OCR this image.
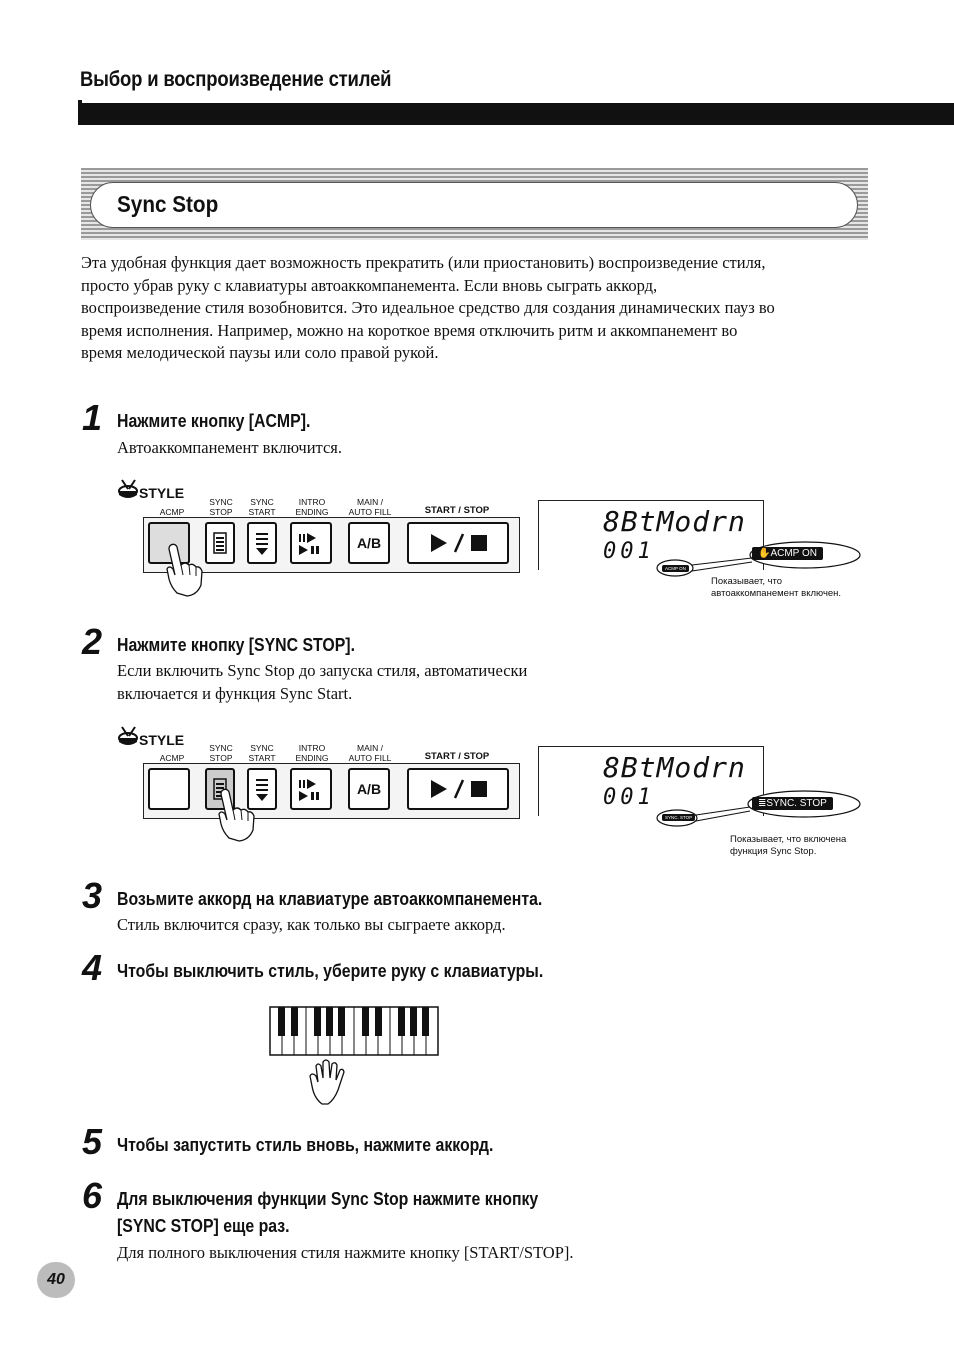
Выбор и воспроизведение стилей
Sync Stop
Эта удобная функция дает возможность прекратить (или приостановить) воспроизведение стиля, просто убрав руку с клавиатуры автоаккомпанемента. Если вновь сыграть аккорд, воспроизведение стиля возобновится. Это идеальное средство для создания динамических пауз во время исполнения. Например, можно на короткое время отключить ритм и аккомпанемент во время мелодической паузы или соло правой рукой.
1 Нажмите кнопку [ACMP].
Автоаккомпанемент включится.
STYLE
ACMP
SYNC
STOP
SYNC
START
INTRO
ENDING
MAIN /
AUTO FILL	START / STOP
A/B
8BtModrn
001	✋ACMP ON
ACMP ON
Показывает, что
автоаккомпанемент включен.
2 Нажмите кнопку [SYNC STOP].
Если включить Sync Stop до запуска стиля, автоматически включается и функция Sync Start.
STYLE
ACMP
SYNC
STOP
SYNC
START
INTRO
ENDING
MAIN /
AUTO FILL	START / STOP
A/B
8BtModrn
001	≣SYNC. STOP
SYNC. STOP
Показывает, что включена
функция Sync Stop.
3 Возьмите аккорд на клавиатуре автоаккомпанемента.
Стиль включится сразу, как только вы сыграете аккорд.
4 Чтобы выключить стиль, уберите руку с клавиатуры.
5 Чтобы запустить стиль вновь, нажмите аккорд.
6 Для выключения функции Sync Stop нажмите кнопку
[SYNC STOP] еще раз.
Для полного выключения стиля нажмите кнопку [START/STOP].
40
